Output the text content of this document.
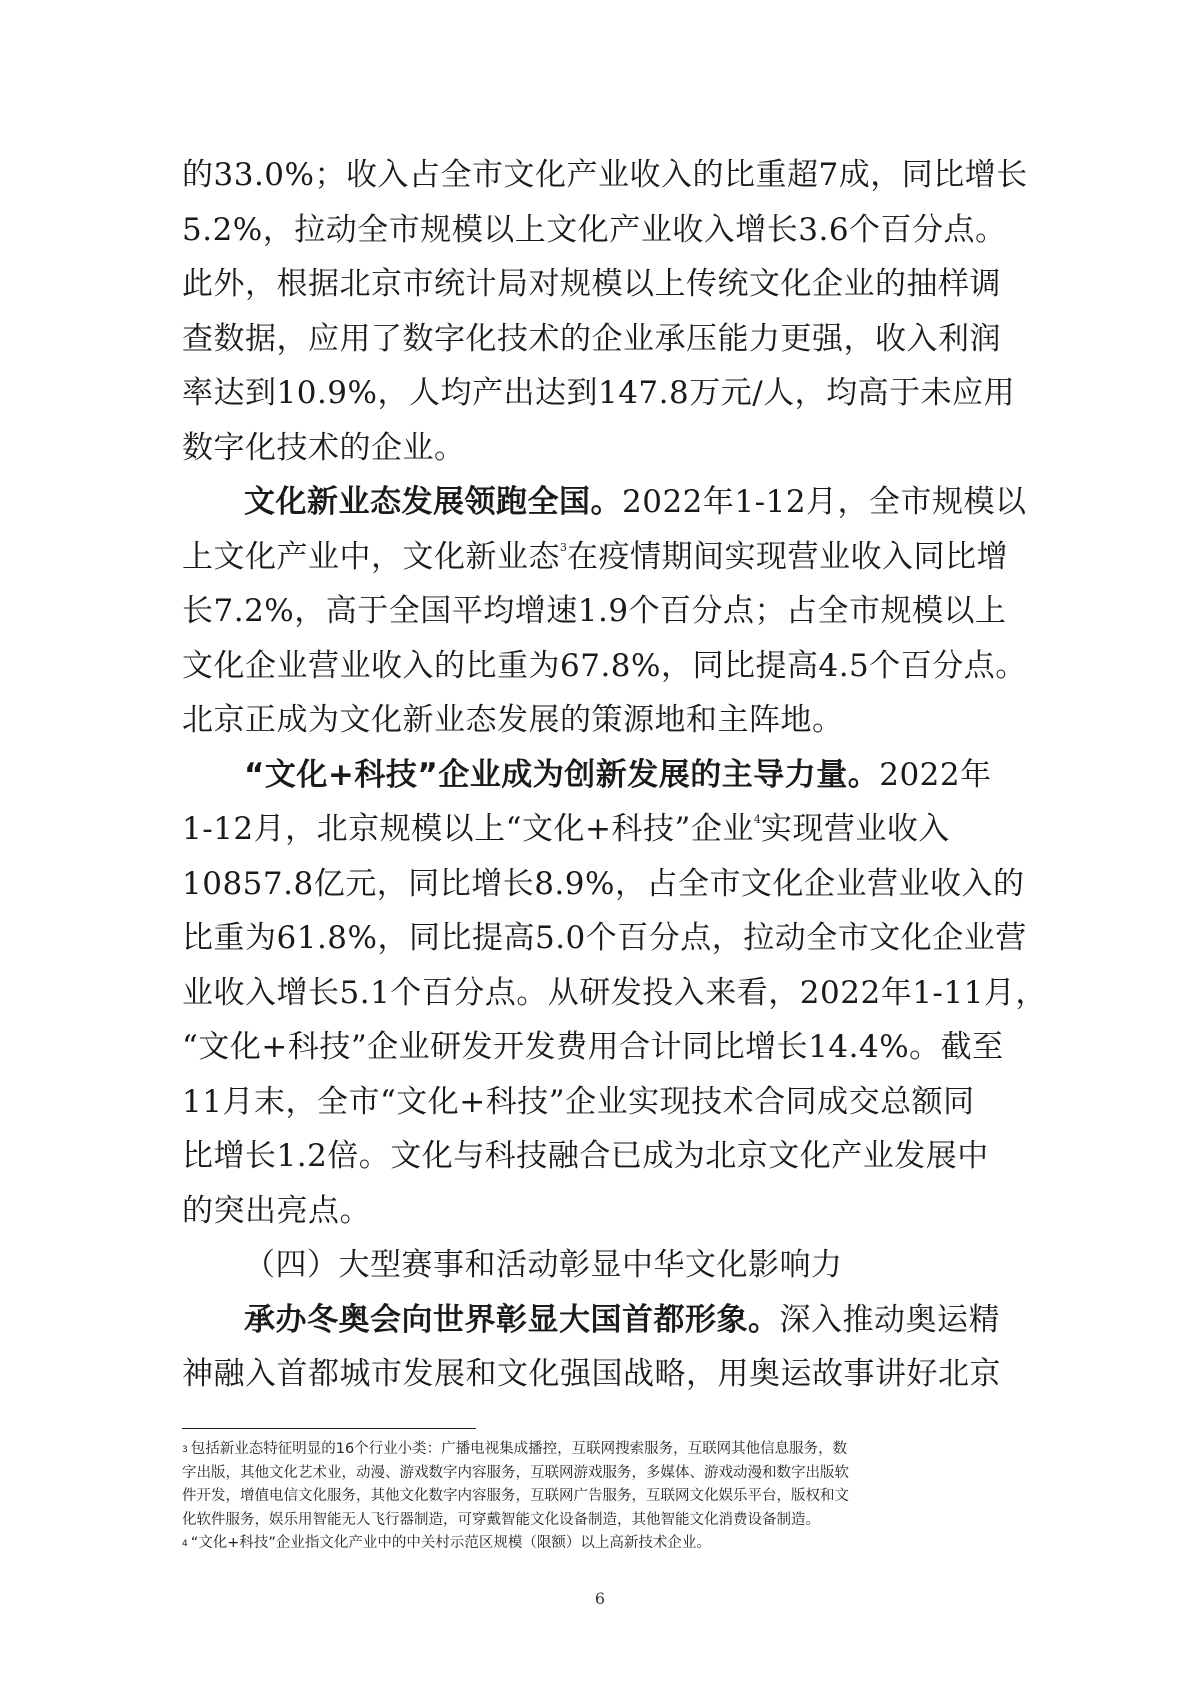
的33.0%；收入占全市文化产业收入的比重超7成，同比增长
5.2%，拉动全市规模以上文化产业收入增长3.6个百分点。
此外，根据北京市统计局对规模以上传统文化企业的抽样调
查数据，应用了数字化技术的企业承压能力更强，收入利润
率达到10.9%，人均产出达到147.8万元/人，均高于未应用
数字化技术的企业。
文化新业态发展领跑全国。2022年1-12月，全市规模以
上文化产业中，文化新业态$^3$在疫情期间实现营业收入同比增
长7.2%，高于全国平均增速1.9个百分点；占全市规模以上
文化企业营业收入的比重为67.8%，同比提高4.5个百分点。
北京正成为文化新业态发展的策源地和主阵地。
“文化+科技”企业成为创新发展的主导力量。2022年
1-12月，北京规模以上“文化+科技”企业$^4$实现营业收入
10857.8亿元，同比增长8.9%，占全市文化企业营业收入的
比重为61.8%，同比提高5.0个百分点，拉动全市文化企业营
业收入增长5.1个百分点。从研发投入来看，2022年1-11月，
“文化+科技”企业研发开发费用合计同比增长14.4%。截至
11月末，全市“文化+科技”企业实现技术合同成交总额同
比增长1.2倍。文化与科技融合已成为北京文化产业发展中
的突出亮点。
（四）大型赛事和活动彰显中华文化影响力
承办冬奥会向世界彰显大国首都形象。深入推动奥运精
神融入首都城市发展和文化强国战略，用奥运故事讲好北京
$^3$ 包括新业态特征明显的16个行业小类：广播电视集成播控，互联网搜索服务，互联网其他信息服务，数
字出版，其他文化艺术业，动漫、游戏数字内容服务，互联网游戏服务，多媒体、游戏动漫和数字出版软
件开发，增值电信文化服务，其他文化数字内容服务，互联网广告服务，互联网文化娱乐平台，版权和文
化软件服务，娱乐用智能无人飞行器制造，可穿戴智能文化设备制造，其他智能文化消费设备制造。
$^4$ “文化+科技”企业指文化产业中的中关村示范区规模（限额）以上高新技术企业。
6
